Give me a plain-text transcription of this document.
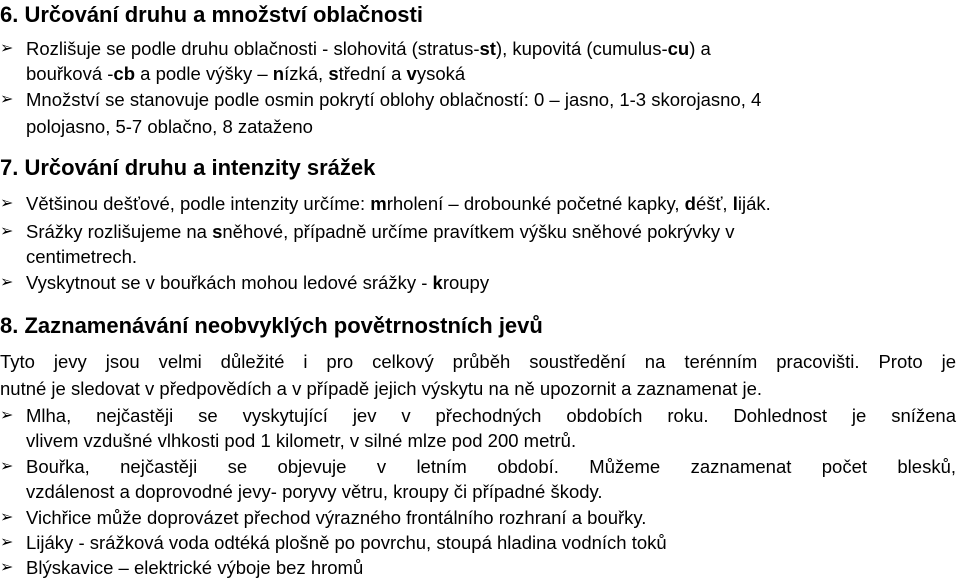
6. Určování druhu a množství oblačnosti
➢ Rozlišuje se podle druhu oblačnosti - slohovitá (stratus-st), kupovitá (cumulus-cu) a
bouřková -cb a podle výšky – nízká, střední a vysoká
➢ Množství se stanovuje podle osmin pokrytí oblohy oblačností: 0 – jasno, 1-3 skorojasno, 4
polojasno, 5-7 oblačno, 8 zataženo
7. Určování druhu a intenzity srážek
➢ Většinou dešťové, podle intenzity určíme: mrholení – drobounké početné kapky, déšť, liják.
➢ Srážky rozlišujeme na sněhové, případně určíme pravítkem výšku sněhové pokrývky v
centimetrech.
➢ Vyskytnout se v bouřkách mohou ledové srážky - kroupy
8. Zaznamenávání neobvyklých povětrnostních jevů
Tyto jevy jsou velmi důležité i pro celkový průběh soustředění na terénním pracovišti. Proto je
nutné je sledovat v předpovědích a v případě jejich výskytu na ně upozornit a zaznamenat je.
➢ Mlha, nejčastěji se vyskytující jev v přechodných obdobích roku. Dohlednost je snížena
vlivem vzdušné vlhkosti pod 1 kilometr, v silné mlze pod 200 metrů.
➢ Bouřka, nejčastěji se objevuje v letním období. Můžeme zaznamenat počet blesků,
vzdálenost a doprovodné jevy- poryvy větru, kroupy či případné škody.
➢ Vichřice může doprovázet přechod výrazného frontálního rozhraní a bouřky.
➢ Lijáky - srážková voda odtéká plošně po povrchu, stoupá hladina vodních toků
➢ Blýskavice – elektrické výboje bez hromů
